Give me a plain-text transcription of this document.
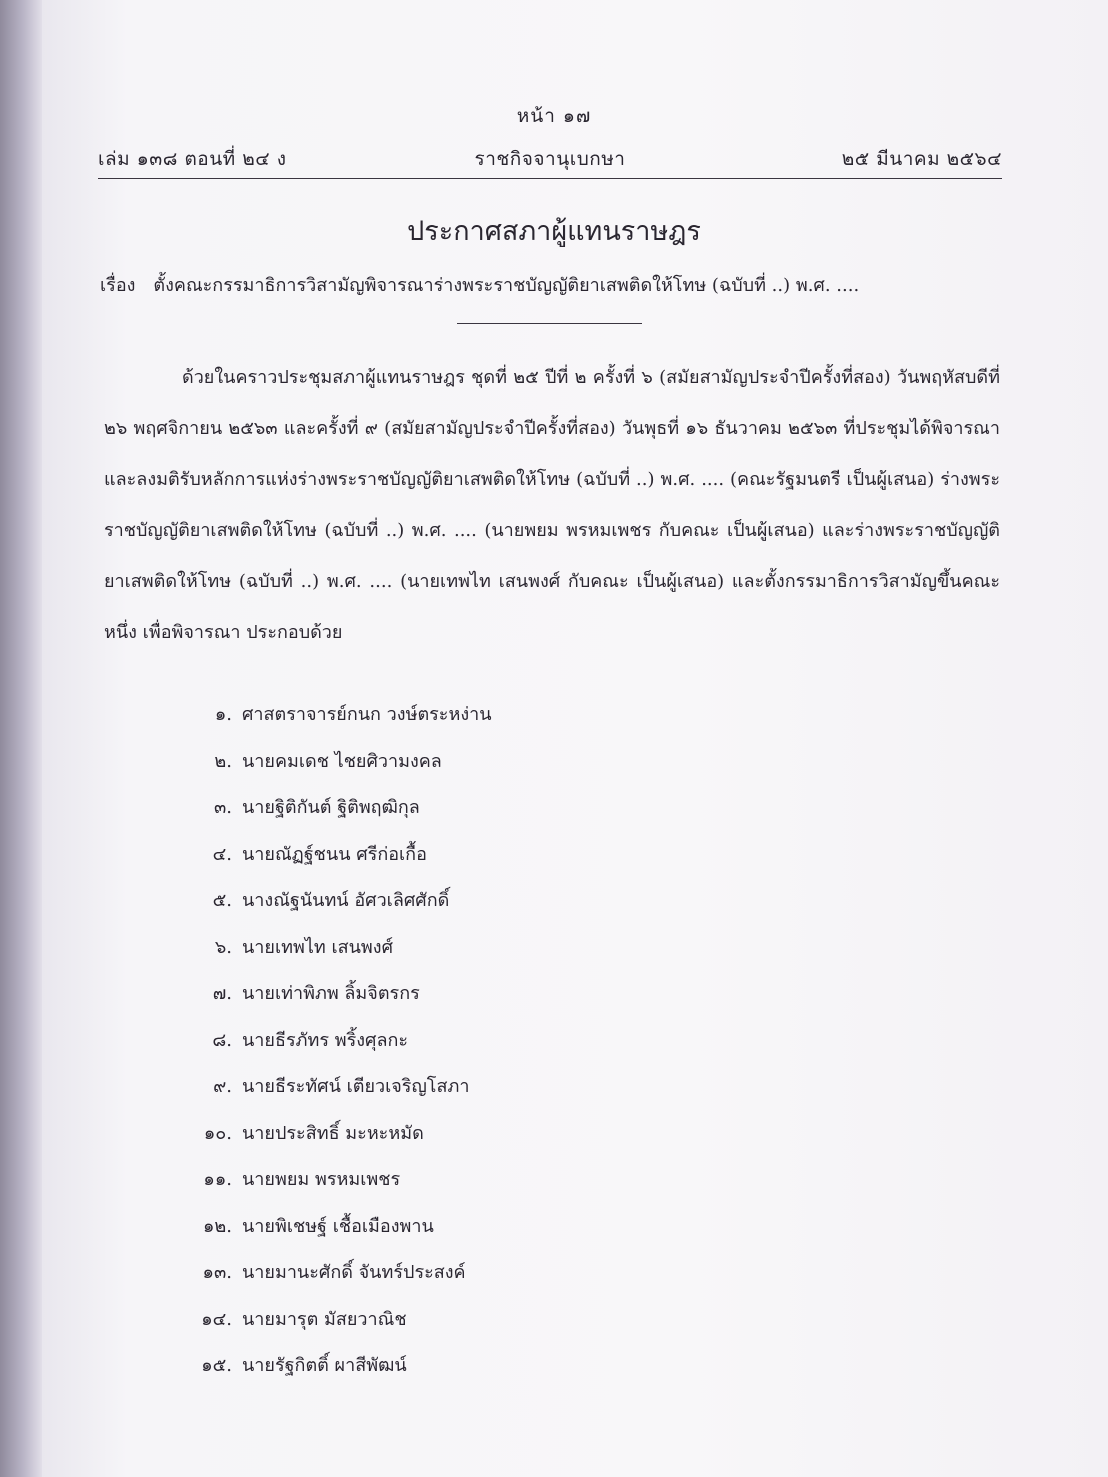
หน้า ๑๗
ราชกิจจานุเบกษา
เล่ม ๑๓๘ ตอนที่ ๒๔ ง	๒๕ มีนาคม ๒๕๖๔
ประกาศสภาผู้แทนราษฎร
เรื่อง ตั้งคณะกรรมาธิการวิสามัญพิจารณาร่างพระราชบัญญัติยาเสพติดให้โทษ (ฉบับที่ ..) พ.ศ. ....

ด้วยในคราวประชุมสภาผู้แทนราษฎร ชุดที่ ๒๕ ปีที่ ๒ ครั้งที่ ๖ (สมัยสามัญประจำปีครั้งที่สอง) วันพฤหัสบดีที่ ๒๖ พฤศจิกายน ๒๕๖๓ และครั้งที่ ๙ (สมัยสามัญประจำปีครั้งที่สอง) วันพุธที่ ๑๖ ธันวาคม ๒๕๖๓ ที่ประชุมได้พิจารณาและลงมติรับหลักการแห่งร่างพระราชบัญญัติยาเสพติดให้โทษ (ฉบับที่ ..) พ.ศ. .... (คณะรัฐมนตรี เป็นผู้เสนอ) ร่างพระราชบัญญัติยาเสพติดให้โทษ (ฉบับที่ ..) พ.ศ. .... (นายพยม พรหมเพชร กับคณะ เป็นผู้เสนอ) และร่างพระราชบัญญัติยาเสพติดให้โทษ (ฉบับที่ ..) พ.ศ. .... (นายเทพไท เสนพงศ์ กับคณะ เป็นผู้เสนอ) และตั้งกรรมาธิการวิสามัญขึ้นคณะหนึ่ง เพื่อพิจารณา ประกอบด้วย

๑. ศาสตราจารย์กนก วงษ์ตระหง่าน
๒. นายคมเดช ไชยศิวามงคล
๓. นายฐิติกันต์ ฐิติพฤฒิกุล
๔. นายณัฏฐ์ชนน ศรีก่อเกื้อ
๕. นางณัฐนันทน์ อัศวเลิศศักดิ์
๖. นายเทพไท เสนพงศ์
๗. นายเท่าพิภพ ลิ้มจิตรกร
๘. นายธีรภัทร พริ้งศุลกะ
๙. นายธีระทัศน์ เตียวเจริญโสภา
๑๐. นายประสิทธิ์ มะหะหมัด
๑๑. นายพยม พรหมเพชร
๑๒. นายพิเชษฐ์ เชื้อเมืองพาน
๑๓. นายมานะศักดิ์ จันทร์ประสงค์
๑๔. นายมารุต มัสยวาณิช
๑๕. นายรัฐกิตติ์ ผาสีพัฒน์
